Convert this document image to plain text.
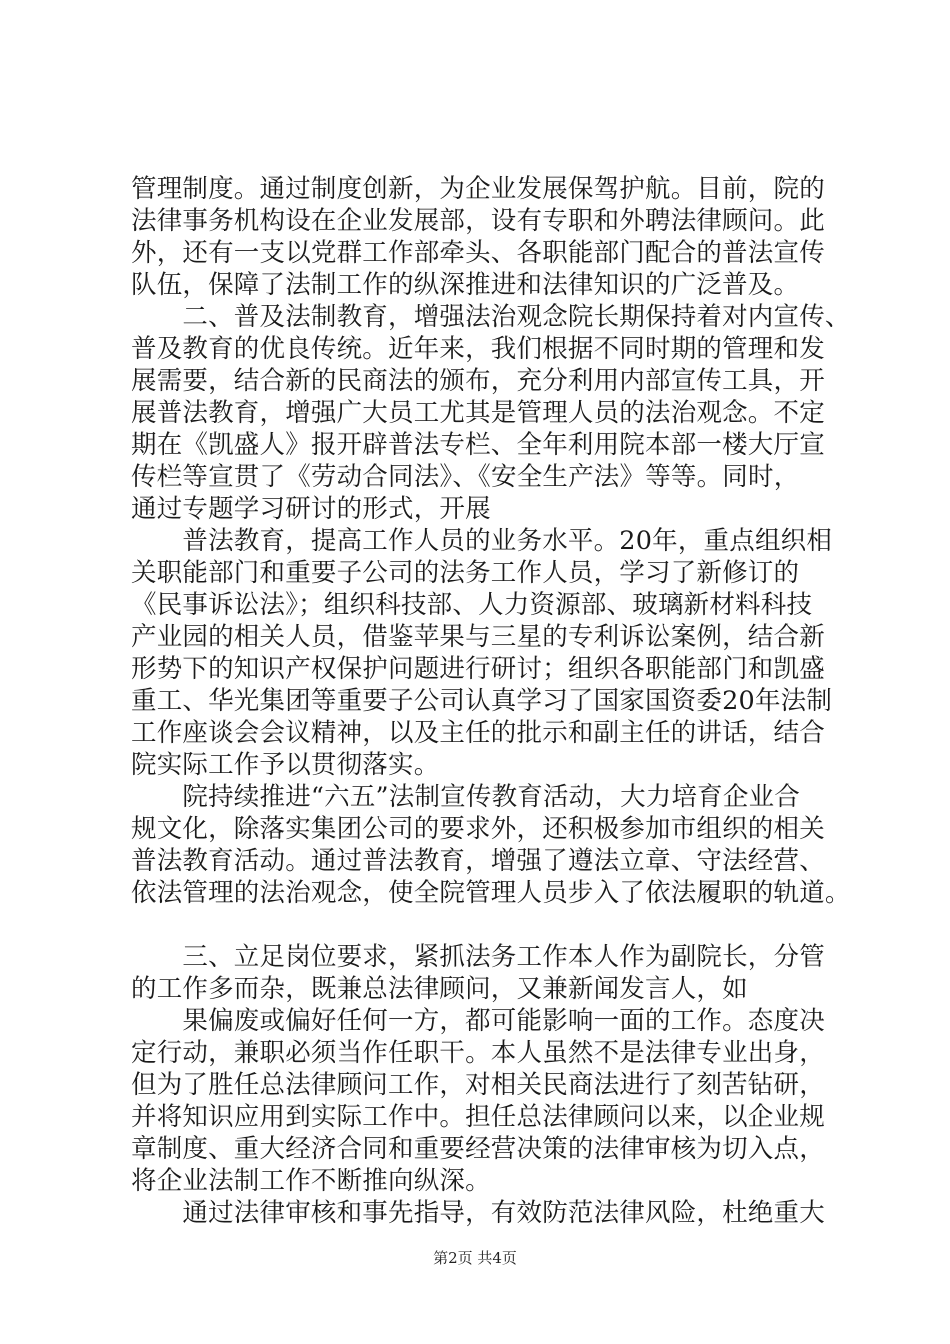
管理制度。通过制度创新，为企业发展保驾护航。目前，院的
法律事务机构设在企业发展部，设有专职和外聘法律顾问。此
外，还有一支以党群工作部牵头、各职能部门配合的普法宣传
队伍，保障了法制工作的纵深推进和法律知识的广泛普及。
　　二、普及法制教育，增强法治观念院长期保持着对内宣传、
普及教育的优良传统。近年来，我们根据不同时期的管理和发
展需要，结合新的民商法的颁布，充分利用内部宣传工具，开
展普法教育，增强广大员工尤其是管理人员的法治观念。不定
期在《凯盛人》报开辟普法专栏、全年利用院本部一楼大厅宣
传栏等宣贯了《劳动合同法》、《安全生产法》等等。同时，
通过专题学习研讨的形式，开展
　　普法教育，提高工作人员的业务水平。20年，重点组织相
关职能部门和重要子公司的法务工作人员，学习了新修订的
《民事诉讼法》；组织科技部、人力资源部、玻璃新材料科技
产业园的相关人员，借鉴苹果与三星的专利诉讼案例，结合新
形势下的知识产权保护问题进行研讨；组织各职能部门和凯盛
重工、华光集团等重要子公司认真学习了国家国资委20年法制
工作座谈会会议精神，以及主任的批示和副主任的讲话，结合
院实际工作予以贯彻落实。
　　院持续推进“六五”法制宣传教育活动，大力培育企业合
规文化，除落实集团公司的要求外，还积极参加市组织的相关
普法教育活动。通过普法教育，增强了遵法立章、守法经营、
依法管理的法治观念，使全院管理人员步入了依法履职的轨道。
　　三、立足岗位要求，紧抓法务工作本人作为副院长，分管
的工作多而杂，既兼总法律顾问，又兼新闻发言人，如
　　果偏废或偏好任何一方，都可能影响一面的工作。态度决
定行动，兼职必须当作任职干。本人虽然不是法律专业出身，
但为了胜任总法律顾问工作，对相关民商法进行了刻苦钻研，
并将知识应用到实际工作中。担任总法律顾问以来，以企业规
章制度、重大经济合同和重要经营决策的法律审核为切入点，
将企业法制工作不断推向纵深。
　　通过法律审核和事先指导，有效防范法律风险，杜绝重大
第2页 共4页
